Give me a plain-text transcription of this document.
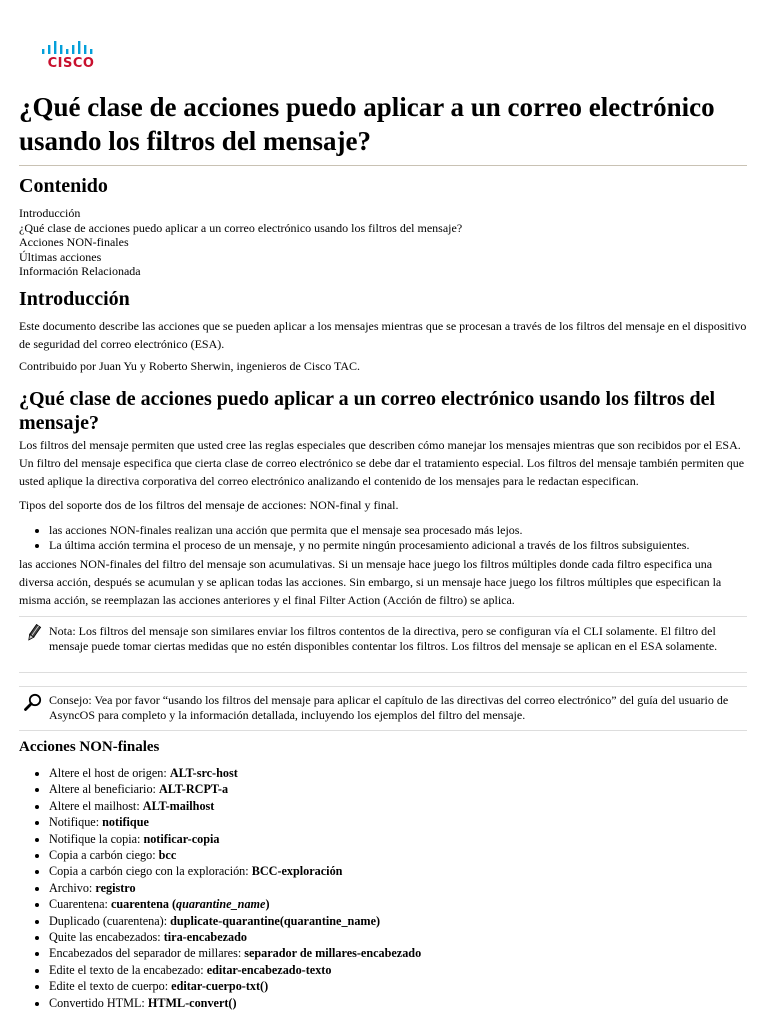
CISCO
¿Qué clase de acciones puedo aplicar a un correo electrónico usando los filtros del mensaje?
Contenido
Introducción
¿Qué clase de acciones puedo aplicar a un correo electrónico usando los filtros del mensaje?
Acciones NON-finales
Últimas acciones
Información Relacionada
Introducción

Este documento describe las acciones que se pueden aplicar a los mensajes mientras que se procesan a través de los filtros del mensaje en el dispositivo de seguridad del correo electrónico (ESA).

Contribuido por Juan Yu y Roberto Sherwin, ingenieros de Cisco TAC.

¿Qué clase de acciones puedo aplicar a un correo electrónico usando los filtros del mensaje?

Los filtros del mensaje permiten que usted cree las reglas especiales que describen cómo manejar los mensajes mientras que son recibidos por el ESA. Un filtro del mensaje especifica que cierta clase de correo electrónico se debe dar el tratamiento especial. Los filtros del mensaje también permiten que usted aplique la directiva corporativa del correo electrónico analizando el contenido de los mensajes para le redactan especifican.

Tipos del soporte dos de los filtros del mensaje de acciones: NON-final y final.

• las acciones NON-finales realizan una acción que permita que el mensaje sea procesado más lejos.
• La última acción termina el proceso de un mensaje, y no permite ningún procesamiento adicional a través de los filtros subsiguientes.

las acciones NON-finales del filtro del mensaje son acumulativas. Si un mensaje hace juego los filtros múltiples donde cada filtro especifica una diversa acción, después se acumulan y se aplican todas las acciones. Sin embargo, si un mensaje hace juego los filtros múltiples que especifican la misma acción, se reemplazan las acciones anteriores y el final Filter Action (Acción de filtro) se aplica.

Nota: Los filtros del mensaje son similares enviar los filtros contentos de la directiva, pero se configuran vía el CLI solamente. El filtro del mensaje puede tomar ciertas medidas que no estén disponibles contentar los filtros. Los filtros del mensaje se aplican en el ESA solamente.
Consejo: Vea por favor “usando los filtros del mensaje para aplicar el capítulo de las directivas del correo electrónico” del guía del usuario de AsyncOS para completo y la información detallada, incluyendo los ejemplos del filtro del mensaje.
Acciones NON-finales
• Altere el host de origen: ALT-src-host
• Altere al beneficiario: ALT-RCPT-a
• Altere el mailhost: ALT-mailhost
• Notifique: notifique
• Notifique la copia: notificar-copia
• Copia a carbón ciego: bcc
• Copia a carbón ciego con la exploración: BCC-exploración
• Archivo: registro
• Cuarentena: cuarentena (quarantine_name)
• Duplicado (cuarentena): duplicate-quarantine(quarantine_name)
• Quite las encabezados: tira-encabezado
• Encabezados del separador de millares: separador de millares-encabezado
• Edite el texto de la encabezado: editar-encabezado-texto
• Edite el texto de cuerpo: editar-cuerpo-txt()
• Convertido HTML: HTML-convert()
